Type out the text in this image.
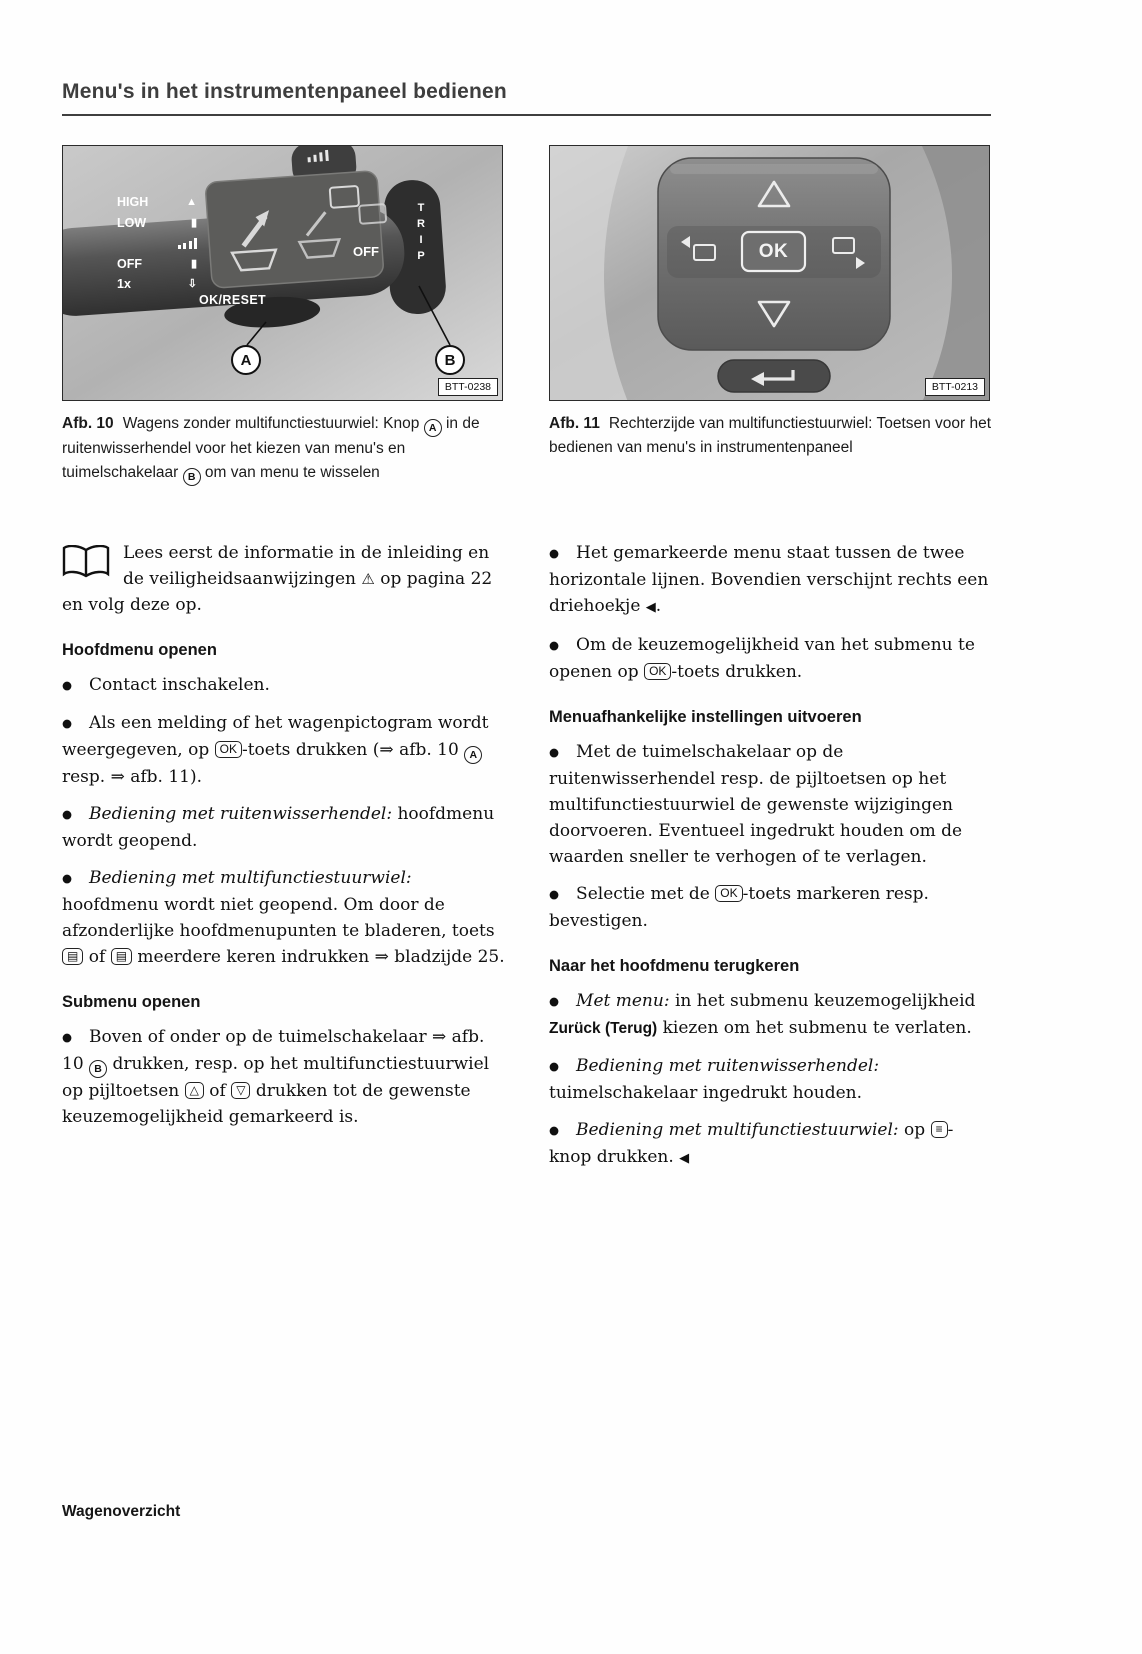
Menu's in het instrumentenpaneel bedienen
HIGH	▲
LOW	▮
OFF	▮
1x	⇩
OK/RESET
OFF	TRIP
A	B
BTT-0238
OK
BTT-0213

Afb. 10 Wagens zonder multifunctiestuurwiel: Knop A in de ruitenwisserhendel voor het kiezen van menu's en tuimelschakelaar B om van menu te wisselen

Afb. 11 Rechterzijde van multifunctiestuurwiel: Toetsen voor het bedienen van menu's in instrumentenpaneel

Lees eerst de informatie in de inleiding en de veiligheidsaanwijzingen ⚠ op pagina 22 en volg deze op.

Hoofdmenu openen

● Contact inschakelen.

● Als een melding of het wagenpictogram wordt weergegeven, op OK -toets drukken (⇒ afb. 10 A resp. ⇒ afb. 11).

● Bediening met ruitenwisserhendel: hoofdmenu wordt geopend.

● Bediening met multifunctiestuurwiel: hoofdmenu wordt niet geopend. Om door de afzonderlijke hoofdmenupunten te bladeren, toets ▤ of ▤ meerdere keren indrukken ⇒ bladzijde 25.

Submenu openen

● Boven of onder op de tuimelschakelaar ⇒ afb. 10 B drukken, resp. op het multifunctiestuurwiel op pijltoetsen △ of ▽ drukken tot de gewenste keuzemogelijkheid gemarkeerd is.

● Het gemarkeerde menu staat tussen de twee horizontale lijnen. Bovendien verschijnt rechts een driehoekje ◀.

● Om de keuzemogelijkheid van het submenu te openen op OK -toets drukken.

Menuafhankelijke instellingen uitvoeren

● Met de tuimelschakelaar op de ruitenwisserhendel resp. de pijltoetsen op het multifunctiestuurwiel de gewenste wijzigingen doorvoeren. Eventueel ingedrukt houden om de waarden sneller te verhogen of te verlagen.

● Selectie met de OK -toets markeren resp. bevestigen.

Naar het hoofdmenu terugkeren

● Met menu: in het submenu keuzemogelijkheid Zurück (Terug) kiezen om het submenu te verlaten.

● Bediening met ruitenwisserhendel: tuimelschakelaar ingedrukt houden.

● Bediening met multifunctiestuurwiel: op ≡ -knop drukken. ◀

Wagenoverzicht
